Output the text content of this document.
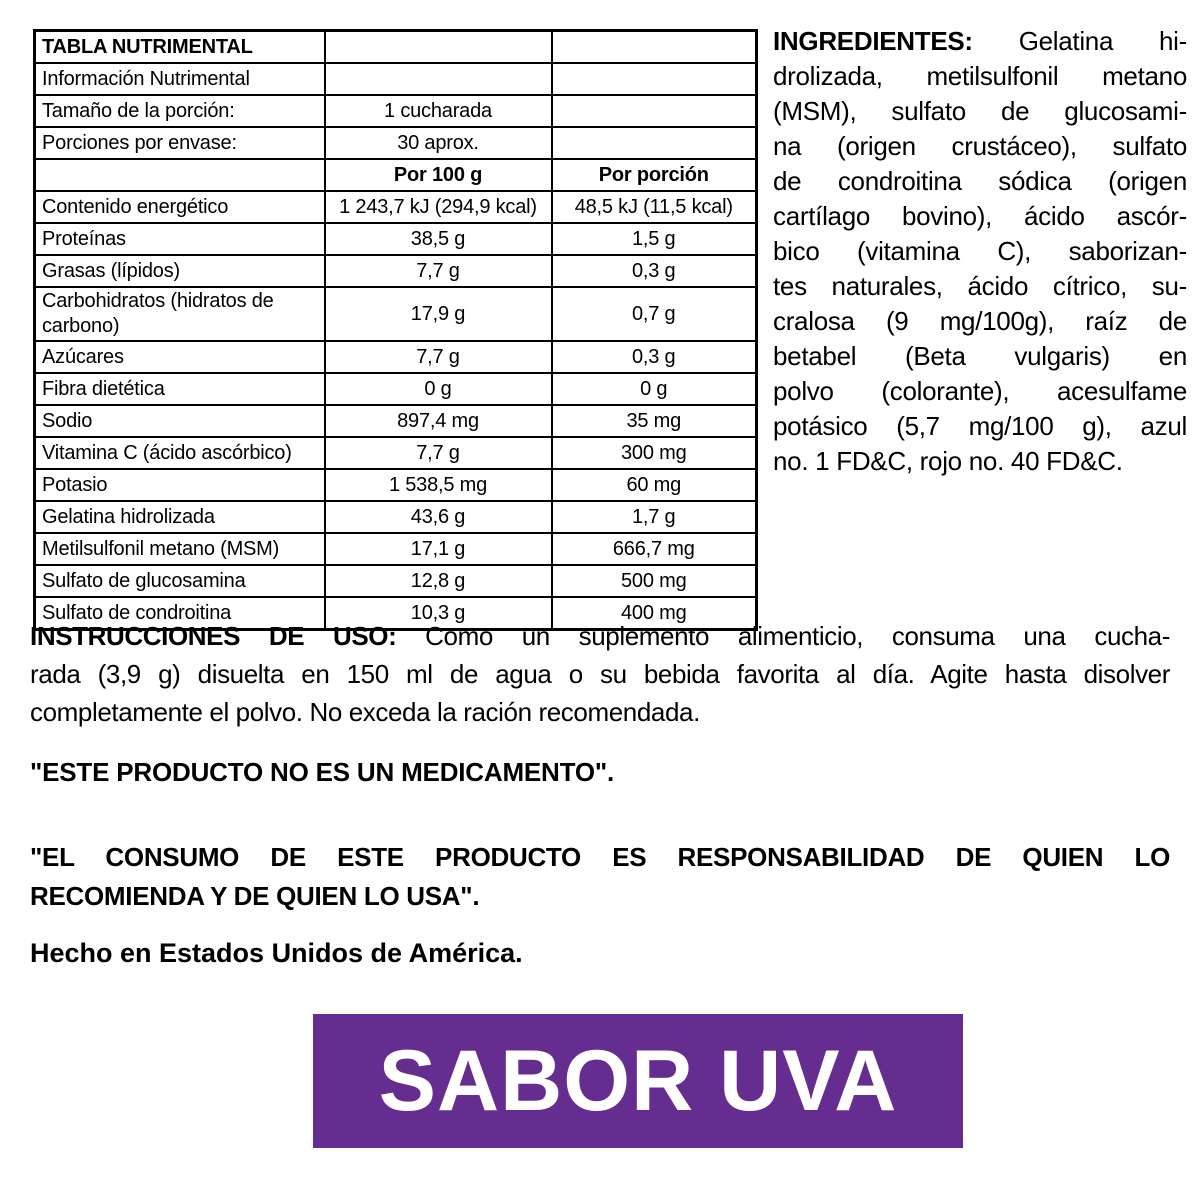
TABLA NUTRIMENTAL		
Información Nutrimental		
Tamaño de la porción:	1 cucharada	
Porciones por envase:	30 aprox.	
	Por 100 g	Por porción
Contenido energético	1 243,7 kJ (294,9 kcal)	48,5 kJ (11,5 kcal)
Proteínas	38,5 g	1,5 g
Grasas (lípidos)	7,7 g	0,3 g
Carbohidratos (hidratos de carbono)	17,9 g	0,7 g
Azúcares	7,7 g	0,3 g
Fibra dietética	0 g	0 g
Sodio	897,4 mg	35 mg
Vitamina C (ácido ascórbico)	7,7 g	300 mg
Potasio	1 538,5 mg	60 mg
Gelatina hidrolizada	43,6 g	1,7 g
Metilsulfonil metano (MSM)	17,1 g	666,7 mg
Sulfato de glucosamina	12,8 g	500 mg
Sulfato de condroitina	10,3 g	400 mg
INGREDIENTES: Gelatina hi-
drolizada, metilsulfonil metano
(MSM), sulfato de glucosami-
na (origen crustáceo), sulfato
de condroitina sódica (origen
cartílago bovino), ácido ascór-
bico (vitamina C), saborizan-
tes naturales, ácido cítrico, su-
cralosa (9 mg/100g), raíz de
betabel (Beta vulgaris) en
polvo (colorante), acesulfame
potásico (5,7 mg/100 g), azul
no. 1 FD&C, rojo no. 40 FD&C.
INSTRUCCIONES DE USO: Como un suplemento alimenticio, consuma una cucha-
rada (3,9 g) disuelta en 150 ml de agua o su bebida favorita al día. Agite hasta disolver
completamente el polvo. No exceda la ración recomendada.
"ESTE PRODUCTO NO ES UN MEDICAMENTO".
"EL CONSUMO DE ESTE PRODUCTO ES RESPONSABILIDAD DE QUIEN LO
RECOMIENDA Y DE QUIEN LO USA".
Hecho en Estados Unidos de América.
SABOR UVA
